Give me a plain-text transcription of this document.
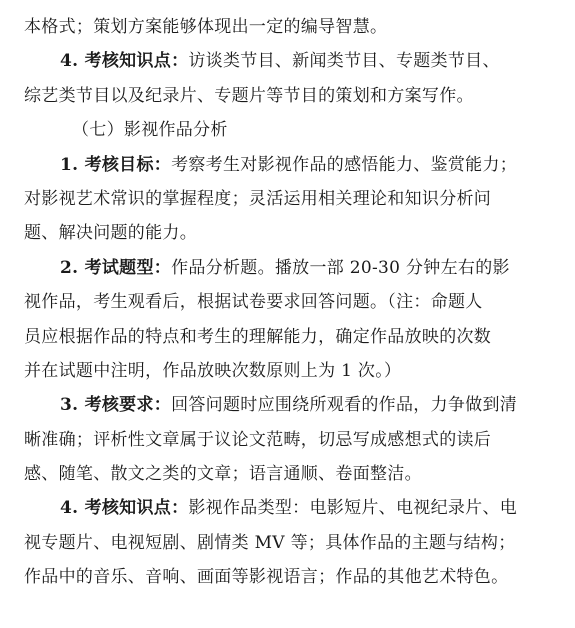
本格式；策划方案能够体现出一定的编导智慧。
4. 考核知识点：访谈类节目、新闻类节目、专题类节目、
综艺类节目以及纪录片、专题片等节目的策划和方案写作。
（七）影视作品分析
1. 考核目标：考察考生对影视作品的感悟能力、鉴赏能力；
对影视艺术常识的掌握程度；灵活运用相关理论和知识分析问
题、解决问题的能力。
2. 考试题型：作品分析题。播放一部 20-30 分钟左右的影
视作品，考生观看后，根据试卷要求回答问题。（注：命题人
员应根据作品的特点和考生的理解能力，确定作品放映的次数
并在试题中注明，作品放映次数原则上为 1 次。）
3. 考核要求：回答问题时应围绕所观看的作品，力争做到清
晰准确；评析性文章属于议论文范畴，切忌写成感想式的读后
感、随笔、散文之类的文章；语言通顺、卷面整洁。
4. 考核知识点：影视作品类型：电影短片、电视纪录片、电
视专题片、电视短剧、剧情类 MV 等；具体作品的主题与结构；
作品中的音乐、音响、画面等影视语言；作品的其他艺术特色。
